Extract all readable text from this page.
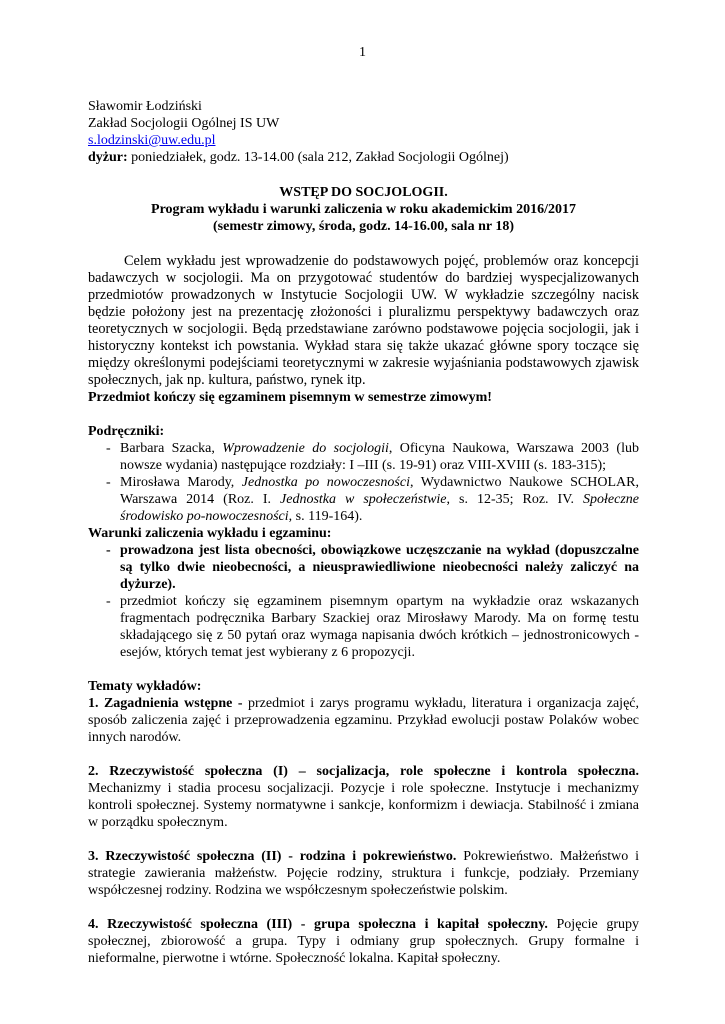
1

Sławomir Łodziński

Zakład Socjologii Ogólnej IS UW

s.lodzinski@uw.edu.pl

dyżur: poniedziałek, godz. 13-14.00 (sala 212, Zakład Socjologii Ogólnej)

WSTĘP DO SOCJOLOGII.

Program wykładu i warunki zaliczenia w roku akademickim 2016/2017

(semestr zimowy, środa, godz. 14-16.00, sala nr 18)

Celem wykładu jest wprowadzenie do podstawowych pojęć, problemów oraz koncepcji badawczych w socjologii. Ma on przygotować studentów do bardziej wyspecjalizowanych przedmiotów prowadzonych w Instytucie Socjologii UW. W wykładzie szczególny nacisk będzie położony jest na prezentację złożoności i pluralizmu perspektywy badawczych oraz teoretycznych w socjologii. Będą przedstawiane zarówno podstawowe pojęcia socjologii, jak i historyczny kontekst ich powstania. Wykład stara się także ukazać główne spory toczące się między określonymi podejściami teoretycznymi w zakresie wyjaśniania podstawowych zjawisk społecznych, jak np. kultura, państwo, rynek itp.

Przedmiot kończy się egzaminem pisemnym w semestrze zimowym!

Podręczniki:

- Barbara Szacka, Wprowadzenie do socjologii, Oficyna Naukowa, Warszawa 2003 (lub nowsze wydania) następujące rozdziały: I –III (s. 19-91) oraz VIII-XVIII (s. 183-315);
- Mirosława Marody, Jednostka po nowoczesności, Wydawnictwo Naukowe SCHOLAR, Warszawa 2014 (Roz. I. Jednostka w społeczeństwie, s. 12-35; Roz. IV. Społeczne środowisko po-nowoczesności, s. 119-164).

Warunki zaliczenia wykładu i egzaminu:

- prowadzona jest lista obecności, obowiązkowe uczęszczanie na wykład (dopuszczalne są tylko dwie nieobecności, a nieusprawiedliwione nieobecności należy zaliczyć na dyżurze).
- przedmiot kończy się egzaminem pisemnym opartym na wykładzie oraz wskazanych fragmentach podręcznika Barbary Szackiej oraz Mirosławy Marody. Ma on formę testu składającego się z 50 pytań oraz wymaga napisania dwóch krótkich – jednostronicowych - esejów, których temat jest wybierany z 6 propozycji.

Tematy wykładów:

1. Zagadnienia wstępne - przedmiot i zarys programu wykładu, literatura i organizacja zajęć, sposób zaliczenia zajęć i przeprowadzenia egzaminu. Przykład ewolucji postaw Polaków wobec innych narodów.

2. Rzeczywistość społeczna (I) – socjalizacja, role społeczne i kontrola społeczna. Mechanizmy i stadia procesu socjalizacji. Pozycje i role społeczne. Instytucje i mechanizmy kontroli społecznej. Systemy normatywne i sankcje, konformizm i dewiacja. Stabilność i zmiana w porządku społecznym.

3. Rzeczywistość społeczna (II) - rodzina i pokrewieństwo. Pokrewieństwo. Małżeństwo i strategie zawierania małżeństw. Pojęcie rodziny, struktura i funkcje, podziały. Przemiany współczesnej rodziny. Rodzina we współczesnym społeczeństwie polskim.

4. Rzeczywistość społeczna (III) - grupa społeczna i kapitał społeczny. Pojęcie grupy społecznej, zbiorowość a grupa. Typy i odmiany grup społecznych. Grupy formalne i nieformalne, pierwotne i wtórne. Społeczność lokalna. Kapitał społeczny.
